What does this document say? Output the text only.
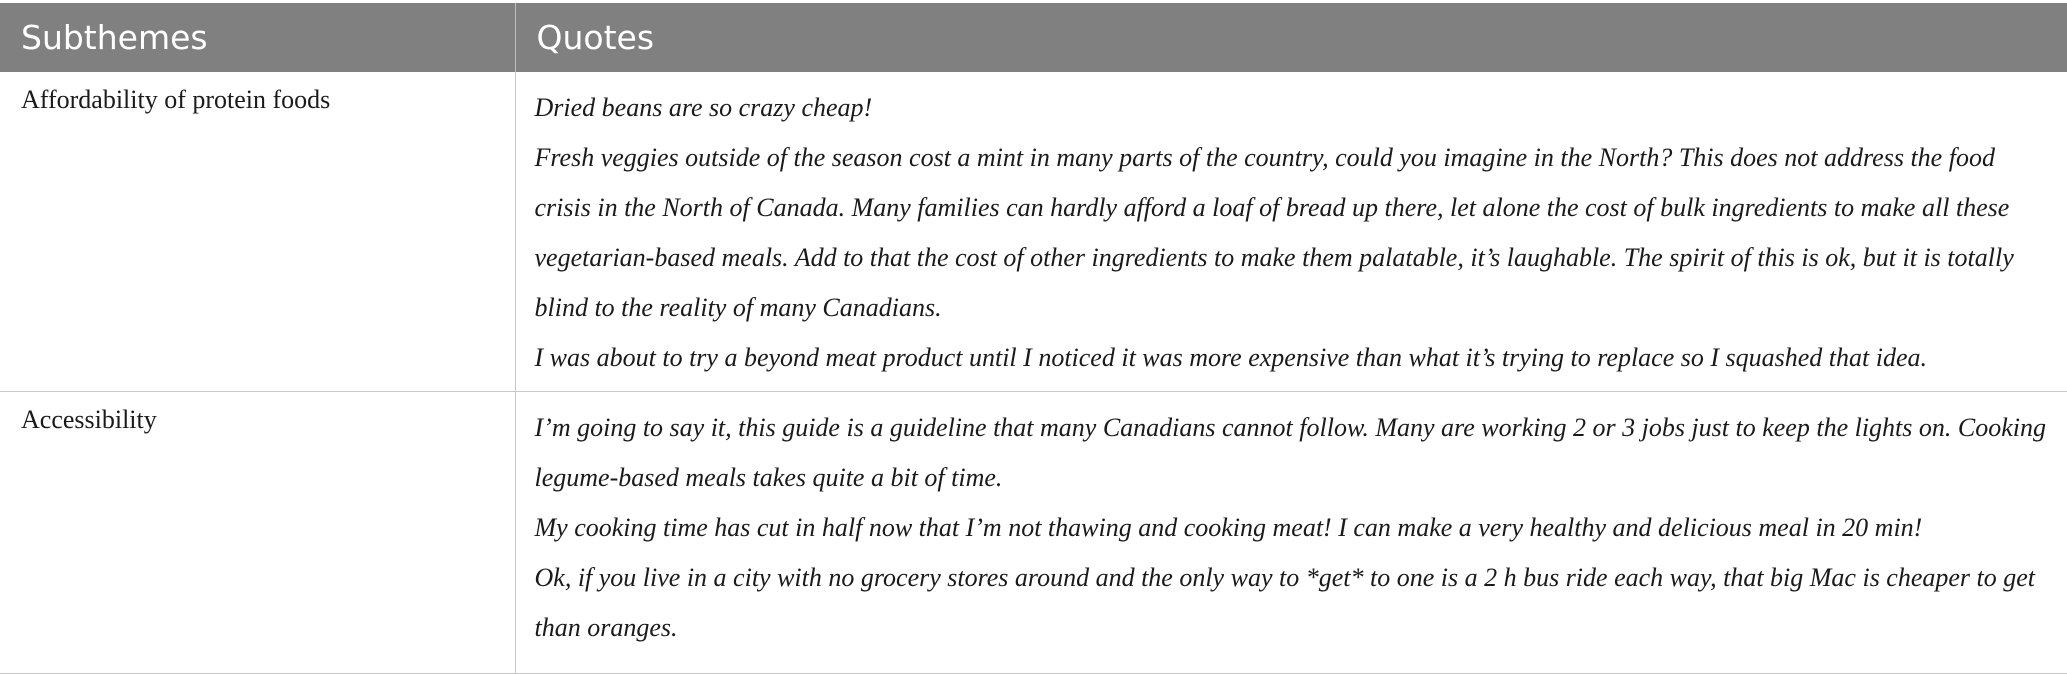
Subthemes	Quotes
Affordability of protein foods	Dried beans are so crazy cheap!
Fresh veggies outside of the season cost a mint in many parts of the country, could you imagine in the North? This does not address the food crisis in the North of Canada. Many families can hardly afford a loaf of bread up there, let alone the cost of bulk ingredients to make all these vegetarian-based meals. Add to that the cost of other ingredients to make them palatable, it’s laughable. The spirit of this is ok, but it is totally blind to the reality of many Canadians.
I was about to try a beyond meat product until I noticed it was more expensive than what it’s trying to replace so I squashed that idea.

Accessibility	I’m going to say it, this guide is a guideline that many Canadians cannot follow. Many are working 2 or 3 jobs just to keep the lights on. Cooking legume-based meals takes quite a bit of time.
My cooking time has cut in half now that I’m not thawing and cooking meat! I can make a very healthy and delicious meal in 20 min!
Ok, if you live in a city with no grocery stores around and the only way to *get* to one is a 2 h bus ride each way, that big Mac is cheaper to get than oranges.
